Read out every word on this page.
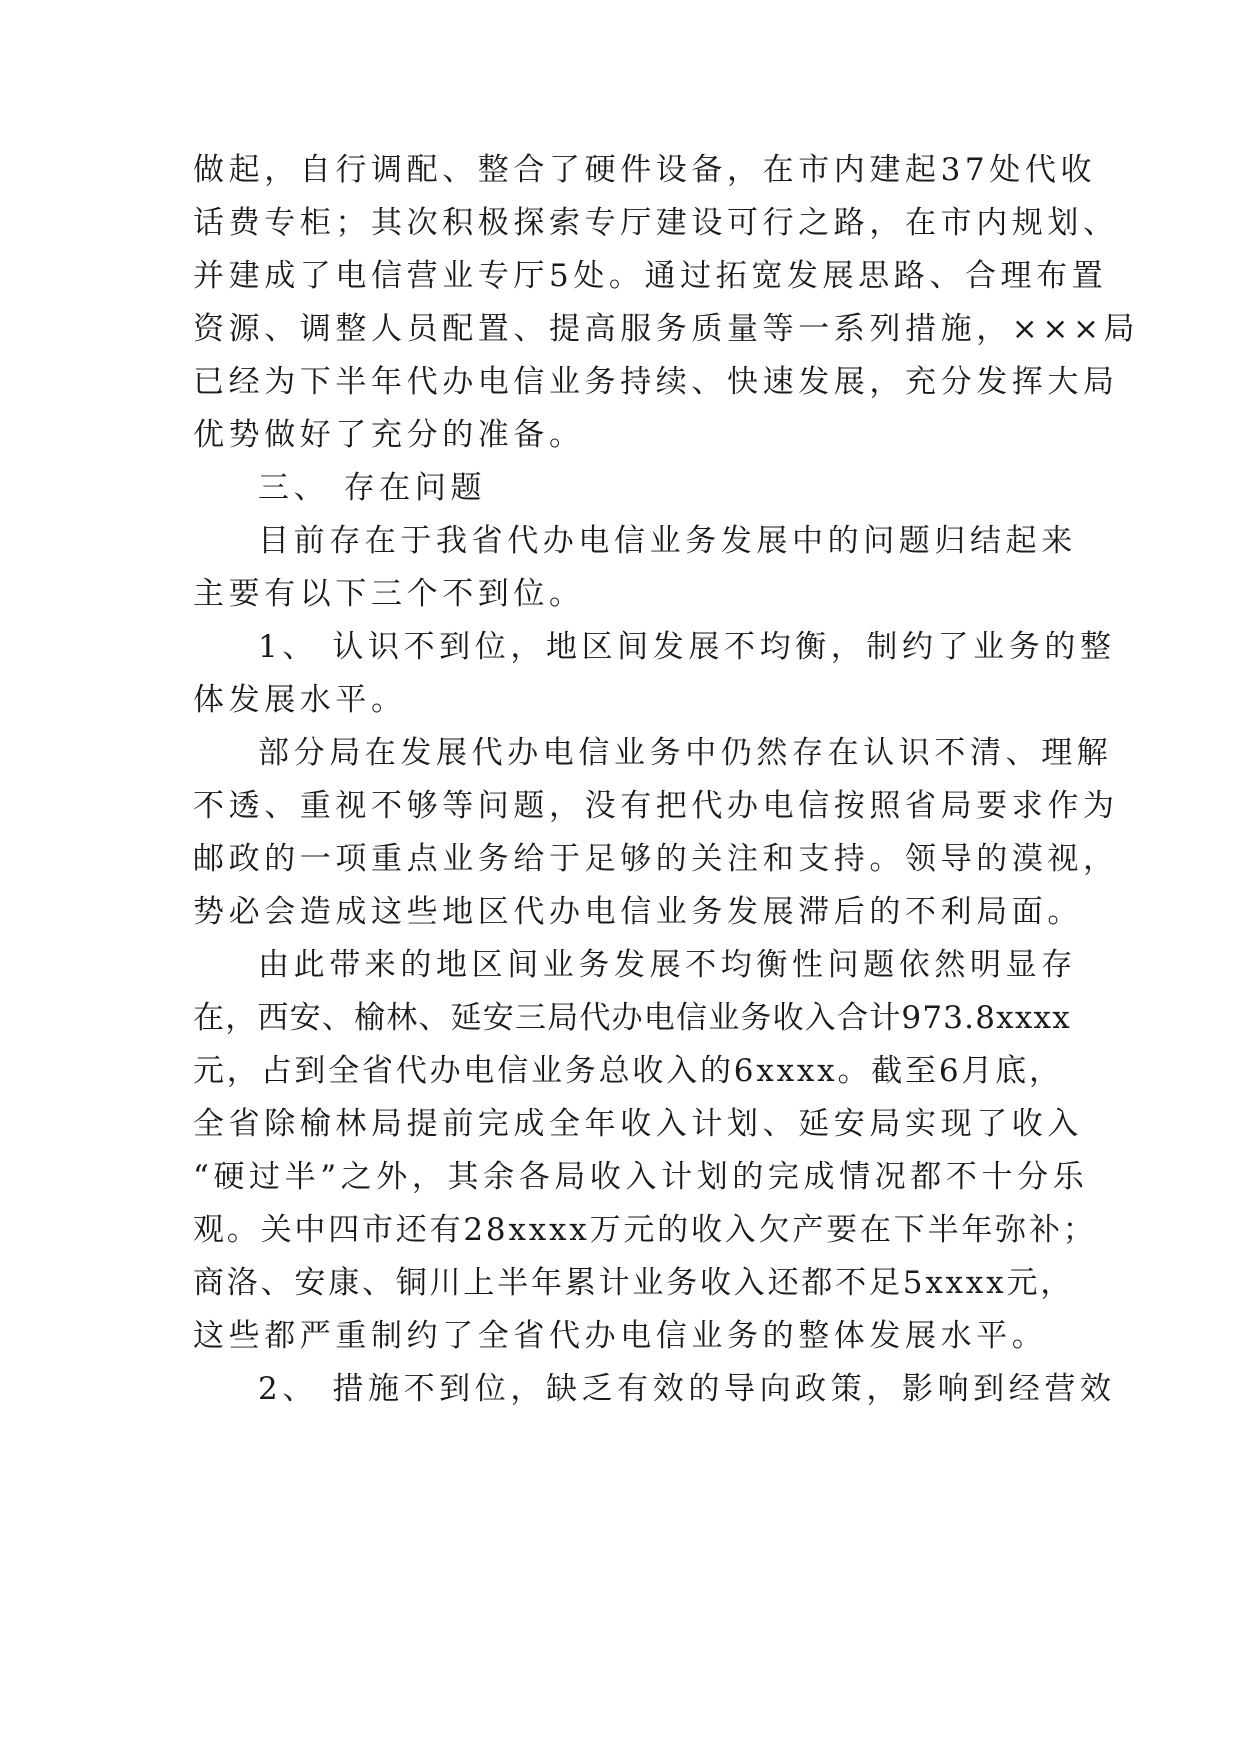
做起，自行调配、整合了硬件设备，在市内建起37处代收
话费专柜；其次积极探索专厅建设可行之路，在市内规划、
并建成了电信营业专厅5处。通过拓宽发展思路、合理布置
资源、调整人员配置、提高服务质量等一系列措施，×××局
已经为下半年代办电信业务持续、快速发展，充分发挥大局
优势做好了充分的准备。
三、 存在问题
目前存在于我省代办电信业务发展中的问题归结起来
主要有以下三个不到位。
1、 认识不到位，地区间发展不均衡，制约了业务的整
体发展水平。
部分局在发展代办电信业务中仍然存在认识不清、理解
不透、重视不够等问题，没有把代办电信按照省局要求作为
邮政的一项重点业务给于足够的关注和支持。领导的漠视，
势必会造成这些地区代办电信业务发展滞后的不利局面。
由此带来的地区间业务发展不均衡性问题依然明显存
在，西安、榆林、延安三局代办电信业务收入合计973.8xxxx
元，占到全省代办电信业务总收入的6xxxx。截至6月底，
全省除榆林局提前完成全年收入计划、延安局实现了收入
“硬过半”之外，其余各局收入计划的完成情况都不十分乐
观。关中四市还有28xxxx万元的收入欠产要在下半年弥补；
商洛、安康、铜川上半年累计业务收入还都不足5xxxx元，
这些都严重制约了全省代办电信业务的整体发展水平。
2、 措施不到位，缺乏有效的导向政策，影响到经营效
